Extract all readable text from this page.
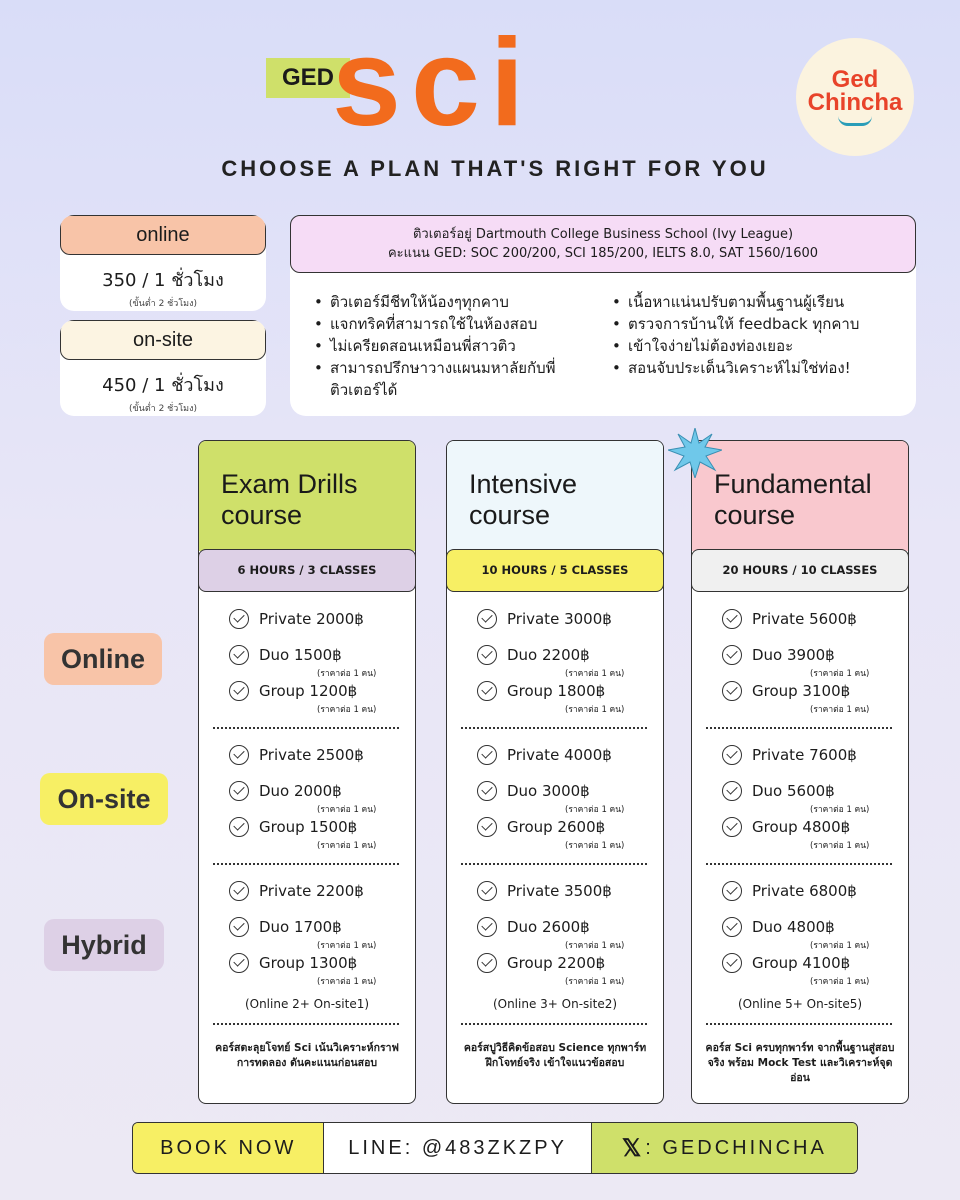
GED
sci
CHOOSE A PLAN THAT'S RIGHT FOR YOU
Ged
Chincha
online
350 / 1 ชั่วโมง
(ขั้นต่ำ 2 ชั่วโมง)
on-site
450 / 1 ชั่วโมง
(ขั้นต่ำ 2 ชั่วโมง)
ติวเตอร์อยู่ Dartmouth College Business School (Ivy League)
คะแนน GED: SOC 200/200, SCI 185/200, IELTS 8.0, SAT 1560/1600
• ติวเตอร์มีชีทให้น้องๆทุกคาบ
• แจกทริคที่สามารถใช้ในห้องสอบ
• ไม่เครียดสอนเหมือนพี่สาวติว
• สามารถปรึกษาวางแผนมหาลัยกับพี่ติวเตอร์ได้
• เนื้อหาแน่นปรับตามพื้นฐานผู้เรียน
• ตรวจการบ้านให้ feedback ทุกคาบ
• เข้าใจง่ายไม่ต้องท่องเยอะ
• สอนจับประเด็นวิเคราะห์ไม่ใช่ท่อง!
Online
On-site
Hybrid
Exam Drills
course
6 HOURS / 3 CLASSES
Private 2000฿
Duo 1500฿
(ราคาต่อ 1 คน)
Group 1200฿
(ราคาต่อ 1 คน)
Private 2500฿
Duo 2000฿
(ราคาต่อ 1 คน)
Group 1500฿
(ราคาต่อ 1 คน)
Private 2200฿
Duo 1700฿
(ราคาต่อ 1 คน)
Group 1300฿
(ราคาต่อ 1 คน)
(Online 2+ On-site1)
คอร์สตะลุยโจทย์ Sci เน้นวิเคราะห์กราฟ การทดลอง ดันคะแนนก่อนสอบ
Intensive
course
10 HOURS / 5 CLASSES
Private 3000฿
Duo 2200฿
(ราคาต่อ 1 คน)
Group 1800฿
(ราคาต่อ 1 คน)
Private 4000฿
Duo 3000฿
(ราคาต่อ 1 คน)
Group 2600฿
(ราคาต่อ 1 คน)
Private 3500฿
Duo 2600฿
(ราคาต่อ 1 คน)
Group 2200฿
(ราคาต่อ 1 คน)
(Online 3+ On-site2)
คอร์สปูวิธีคิดข้อสอบ Science ทุกพาร์ท ฝึกโจทย์จริง เข้าใจแนวข้อสอบ
Fundamental
course
20 HOURS / 10 CLASSES
Private 5600฿
Duo 3900฿
(ราคาต่อ 1 คน)
Group 3100฿
(ราคาต่อ 1 คน)
Private 7600฿
Duo 5600฿
(ราคาต่อ 1 คน)
Group 4800฿
(ราคาต่อ 1 คน)
Private 6800฿
Duo 4800฿
(ราคาต่อ 1 คน)
Group 4100฿
(ราคาต่อ 1 คน)
(Online 5+ On-site5)
คอร์ส Sci ครบทุกพาร์ท จากพื้นฐานสู่สอบจริง พร้อม Mock Test และวิเคราะห์จุดอ่อน
BOOK NOW	LINE: @483ZKZPY	𝕏 : GEDCHINCHA
